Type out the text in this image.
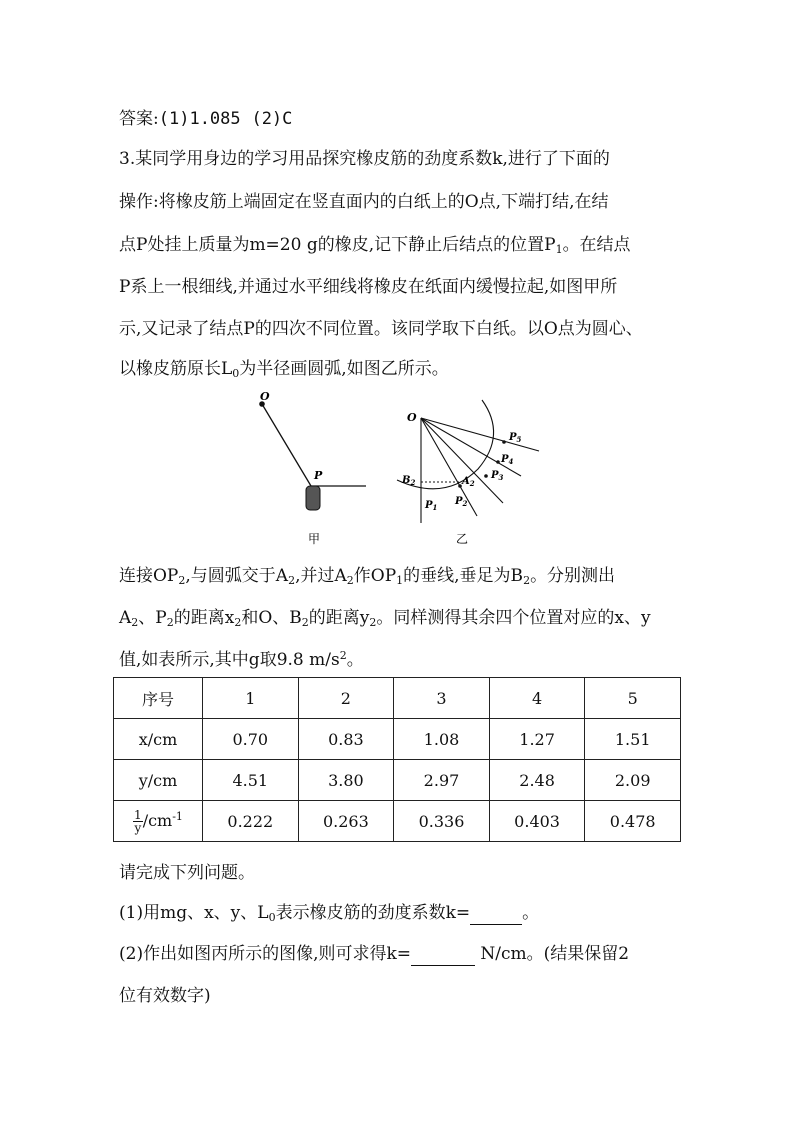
答案:(1)1.085 (2)C
3.某同学用身边的学习用品探究橡皮筋的劲度系数k,进行了下面的
操作:将橡皮筋上端固定在竖直面内的白纸上的O点,下端打结,在结
点P处挂上质量为m=20 g的橡皮,记下静止后结点的位置$P_1$。在结点
P系上一根细线,并通过水平细线将橡皮在纸面内缓慢拉起,如图甲所
示,又记录了结点P的四次不同位置。该同学取下白纸。以O点为圆心、
以橡皮筋原长$L_0$为半径画圆弧,如图乙所示。
O
P
甲
O
$P_5$
$P_4$
$P_3$
$A_2$
$P_2$
$B_2$
$P_1$
乙
连接$OP_2$,与圆弧交于$A_2$,并过$A_2$作$OP_1$的垂线,垂足为$B_2$。分别测出
$A_2$、$P_2$的距离$x_2$和O、$B_2$的距离$y_2$。同样测得其余四个位置对应的x、y
值,如表所示,其中g取9.8 $m/s^2$。
序号	1	2	3	4	5
x/cm	0.70	0.83	1.08	1.27	1.51
y/cm	4.51	3.80	2.97	2.48	2.09

$\frac{1}{y} /cm^{-1}$	0.222	0.263	0.336	0.403	0.478
请完成下列问题。
(1)用mg、x、y、$L_0$表示橡皮筋的劲度系数k=	。
(2)作出如图丙所示的图像,则可求得k=	N/cm。(结果保留2
位有效数字)
